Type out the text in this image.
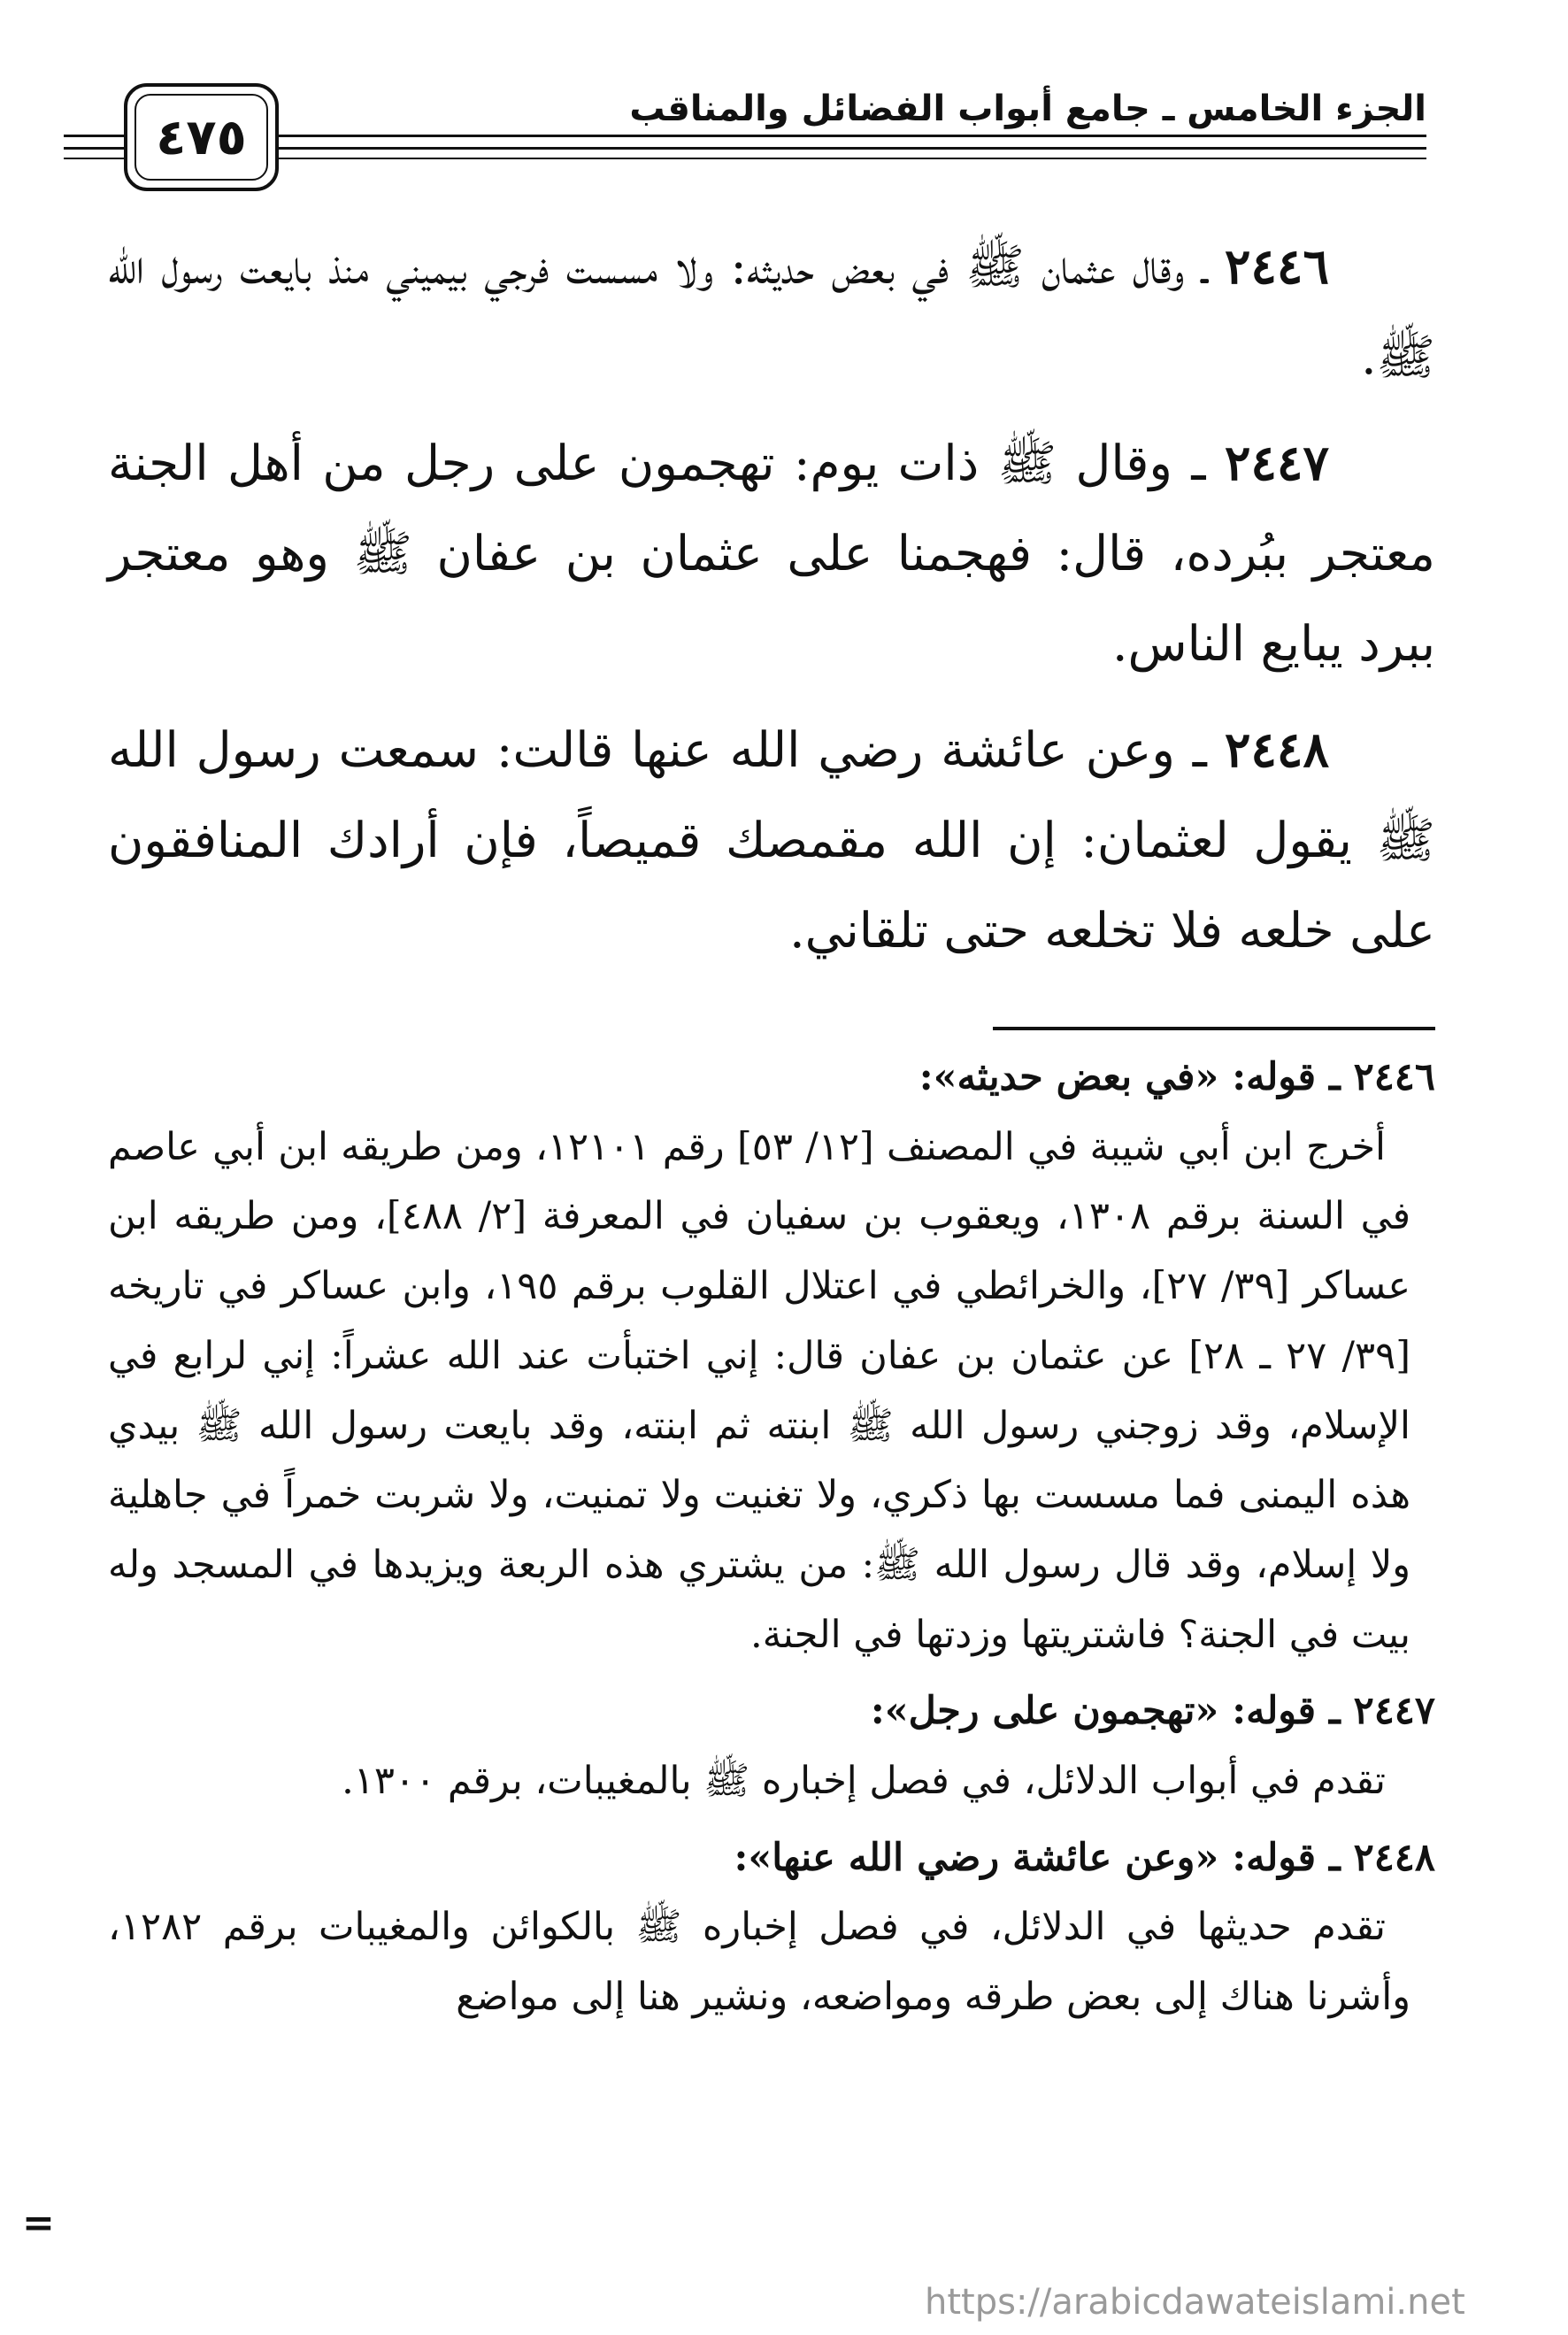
الجزء الخامس ـ جامع أبواب الفضائل والمناقب
٤٧٥

٢٤٤٦ ـ وقال عثمان ﷺ في بعض حديثه: ولا مسست فرجي بيميني منذ بايعت رسول الله ﷺ.

٢٤٤٧ ـ وقال ﷺ ذات يوم: تهجمون على رجل من أهل الجنة معتجر ببُرده، قال: فهجمنا على عثمان بن عفان ﷺ وهو معتجر ببرد يبايع الناس.

٢٤٤٨ ـ وعن عائشة رضي الله عنها قالت: سمعت رسول الله ﷺ يقول لعثمان: إن الله مقمصك قميصاً، فإن أرادك المنافقون على خلعه فلا تخلعه حتى تلقاني.

٢٤٤٦ ـ قوله: «في بعض حديثه»:

أخرج ابن أبي شيبة في المصنف [١٢/ ٥٣] رقم ١٢١٠١، ومن طريقه ابن أبي عاصم في السنة برقم ١٣٠٨، ويعقوب بن سفيان في المعرفة [٢/ ٤٨٨]، ومن طريقه ابن عساكر [٣٩/ ٢٧]، والخرائطي في اعتلال القلوب برقم ١٩٥، وابن عساكر في تاريخه [٣٩/ ٢٧ ـ ٢٨] عن عثمان بن عفان قال: إني اختبأت عند الله عشراً: إني لرابع في الإسلام، وقد زوجني رسول الله ﷺ ابنته ثم ابنته، وقد بايعت رسول الله ﷺ بيدي هذه اليمنى فما مسست بها ذكري، ولا تغنيت ولا تمنيت، ولا شربت خمراً في جاهلية ولا إسلام، وقد قال رسول الله ﷺ: من يشتري هذه الربعة ويزيدها في المسجد وله بيت في الجنة؟ فاشتريتها وزدتها في الجنة.

٢٤٤٧ ـ قوله: «تهجمون على رجل»:

تقدم في أبواب الدلائل، في فصل إخباره ﷺ بالمغيبات، برقم ١٣٠٠.

٢٤٤٨ ـ قوله: «وعن عائشة رضي الله عنها»:

تقدم حديثها في الدلائل، في فصل إخباره ﷺ بالكوائن والمغيبات برقم ١٢٨٢، وأشرنا هناك إلى بعض طرقه ومواضعه، ونشير هنا إلى مواضع

=
https://arabicdawateislami.net
